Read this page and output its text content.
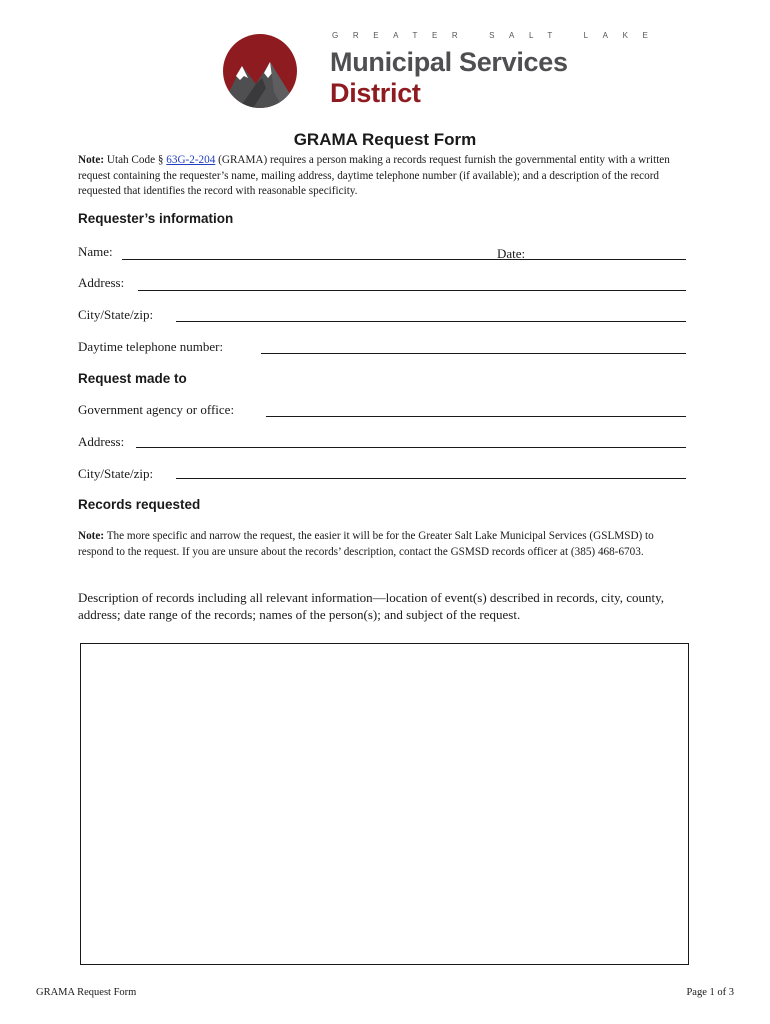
GREATER SALT LAKE
Municipal Services
District
GRAMA Request Form
Note: Utah Code § 63G-2-204 (GRAMA) requires a person making a records request furnish the governmental entity with a written request containing the requester’s name, mailing address, daytime telephone number (if available); and a description of the record requested that identifies the record with reasonable specificity.
Requester’s information
Name:	Date:
Address:
City/State/zip:
Daytime telephone number:
Request made to
Government agency or office:
Address:
City/State/zip:
Records requested
Note: The more specific and narrow the request, the easier it will be for the Greater Salt Lake Municipal Services (GSLMSD) to respond to the request. If you are unsure about the records’ description, contact the GSMSD records officer at (385) 468-6703.
Description of records including all relevant information—location of event(s) described in records, city, county, address; date range of the records; names of the person(s); and subject of the request.
GRAMA Request Form	Page 1 of 3
